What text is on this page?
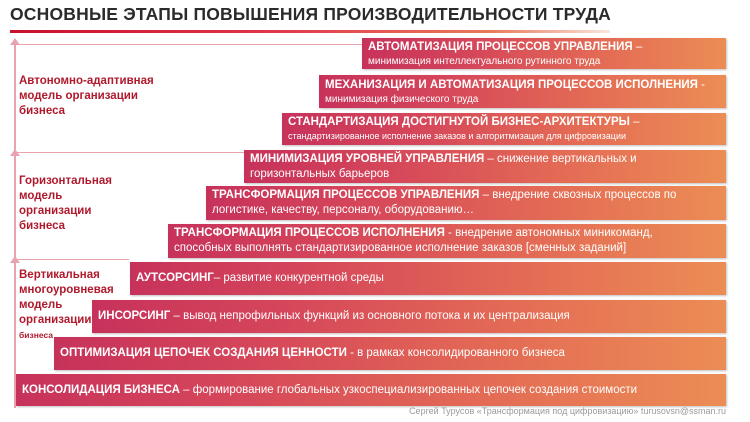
ОСНОВНЫЕ ЭТАПЫ ПОВЫШЕНИЯ ПРОИЗВОДИТЕЛЬНОСТИ ТРУДА
Автономно-адаптивная
модель организации
бизнеса
Горизонтальная
модель
организации
бизнеса
Вертикальная
многоуровневая
модель
организации
бизнеса
АВТОМАТИЗАЦИЯ ПРОЦЕССОВ УПРАВЛЕНИЯ –
минимизация интеллектуального рутинного труда
МЕХАНИЗАЦИЯ И АВТОМАТИЗАЦИЯ ПРОЦЕССОВ ИСПОЛНЕНИЯ -
минимизация физического труда
СТАНДАРТИЗАЦИЯ ДОСТИГНУТОЙ БИЗНЕС-АРХИТЕКТУРЫ –
стандартизированное исполнение заказов и алгоритмизация для цифровизации
МИНИМИЗАЦИЯ УРОВНЕЙ УПРАВЛЕНИЯ – снижение вертикальных и
горизонтальных барьеров
ТРАНСФОРМАЦИЯ ПРОЦЕССОВ УПРАВЛЕНИЯ – внедрение сквозных процессов по
логистике, качеству, персоналу, оборудованию…
ТРАНСФОРМАЦИЯ ПРОЦЕССОВ ИСПОЛНЕНИЯ - внедрение автономных миникоманд,
способных выполнять стандартизированное исполнение заказов [сменных заданий]
АУТСОРСИНГ– развитие конкурентной среды
ИНСОРСИНГ – вывод непрофильных функций из основного потока и их централизация
ОПТИМИЗАЦИЯ ЦЕПОЧЕК СОЗДАНИЯ ЦЕННОСТИ - в рамках консолидированного бизнеса
КОНСОЛИДАЦИЯ БИЗНЕСА – формирование глобальных узкоспециализированных цепочек создания стоимости
Сергей Турусов «Трансформация под цифровизацию» turusovsn@ssman.ru
